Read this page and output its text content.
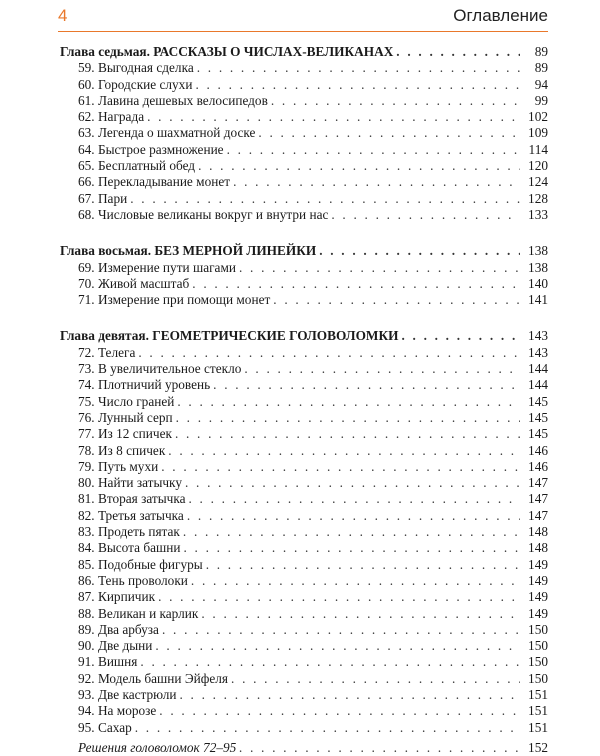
4	Оглавление
Глава седьмая. РАССКАЗЫ О ЧИСЛАХ-ВЕЛИКАНАХ . . .	89
59. Выгодная сделка . . .	89
60. Городские слухи . . .	94
61. Лавина дешевых велосипедов . . .	99
62. Награда . . .	102
63. Легенда о шахматной доске . . .	109
64. Быстрое размножение . . .	114
65. Бесплатный обед . . .	120
66. Перекладывание монет . . .	124
67. Пари . . .	128
68. Числовые великаны вокруг и внутри нас . . .	133
Глава восьмая. БЕЗ МЕРНОЙ ЛИНЕЙКИ . . .	138
69. Измерение пути шагами . . .	138
70. Живой масштаб . . .	140
71. Измерение при помощи монет . . .	141
Глава девятая. ГЕОМЕТРИЧЕСКИЕ ГОЛОВОЛОМКИ . . .	143
72. Телега . . .	143
73. В увеличительное стекло . . .	144
74. Плотничий уровень . . .	144
75. Число граней . . .	145
76. Лунный серп . . .	145
77. Из 12 спичек . . .	145
78. Из 8 спичек . . .	146
79. Путь мухи . . .	146
80. Найти затычку . . .	147
81. Вторая затычка . . .	147
82. Третья затычка . . .	147
83. Продеть пятак . . .	148
84. Высота башни . . .	148
85. Подобные фигуры . . .	149
86. Тень проволоки . . .	149
87. Кирпичик . . .	149
88. Великан и карлик . . .	149
89. Два арбуза . . .	150
90. Две дыни . . .	150
91. Вишня . . .	150
92. Модель башни Эйфеля . . .	150
93. Две кастрюли . . .	151
94. На морозе . . .	151
95. Сахар . . .	151
Решения головоломок 72–95 . . .	152
